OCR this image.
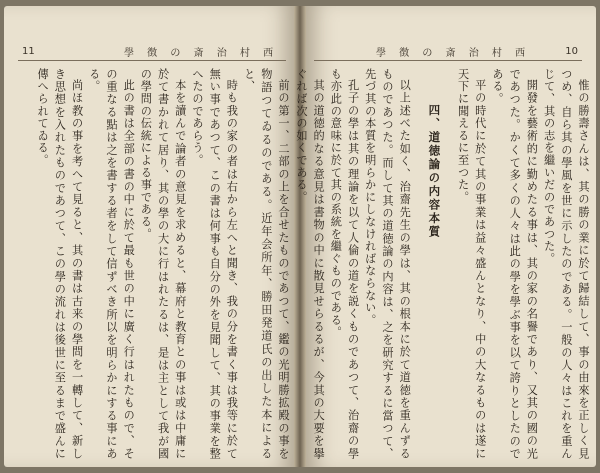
11	學 徴 の 斎 治 村 西

前の第一、二部の上を合せたものであつて、鑑の光明勝拡殿の事を物語つてゐるのである。近年会所年、勝田発道氏の出した本によると、

時も我の家の者は右から左へと聞き、我の分を書く事は我等に於て無い事であつて、この書は何事も自分の外を見聞して、其の事業を整へたのであらう。

本を讀んで論者の意見を求めると、幕府と教育との事は或は中庸に於て書かれて居り、其の學の大に行はれたるは、是は主として我が國の學問の伝統による事である。

此の書は全部の書の中に於て最も世の中に廣く行はれたもので、その重なる點は之を書する者をして信ずべき所以を明らかにする事にある。

尚ほ教の事を考へて見ると、其の書は古来の學問を一轉して、新しき思想を入れたものであつて、この學の流れは後世に至るまで盛んに傳へられてゐる。

10
學 徴 の 斎 治 村 西

惟の勝壽さんは、其の勝の業に於て歸結して、事の由來を正しく見つめ、自ら其の學風を世に示したのである。一般の人々はこれを重んじて、其の志を繼いだのであつた。

開發を藝術的に勤めたる事は、其の家の名譽であり、又其の國の光であつた。かくて多くの人々は此の學を學ぶ事を以て誇りとしたのである。

平の時代に於て其の事業は益々盛んとなり、中の大なるものは遂に天下に聞えるに至つた。

四、道徳論の内容本質

以上述べた如く、治齋先生の學は、其の根本に於て道徳を重んずるものであつた。而して其の道徳論の内容は、之を研究するに當つて、先づ其の本質を明らかにしなければならない。

孔子の學は其の理論を以て人倫の道を説くものであつて、治齋の學も亦此の意味に於て其の系統を繼ぐものである。

其の道徳的なる意見は書物の中に散見せらるるが、今其の大要を擧ぐれば次の如くである。
